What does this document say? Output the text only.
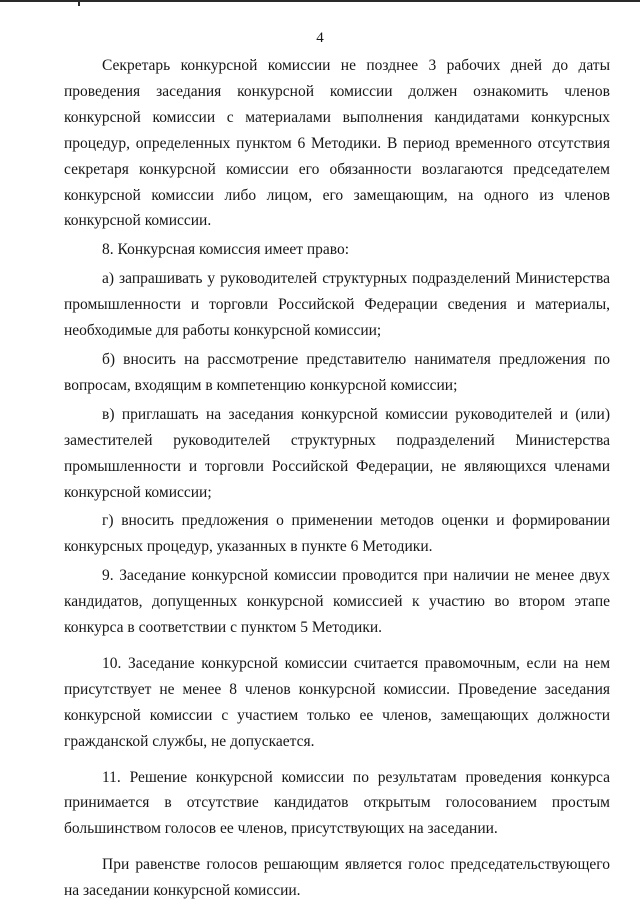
4

Секретарь конкурсной комиссии не позднее 3 рабочих дней до даты проведения заседания конкурсной комиссии должен ознакомить членов конкурсной комиссии с материалами выполнения кандидатами конкурсных процедур, определенных пунктом 6 Методики. В период временного отсутствия секретаря конкурсной комиссии его обязанности возлагаются председателем конкурсной комиссии либо лицом, его замещающим, на одного из членов конкурсной комиссии.

8. Конкурсная комиссия имеет право:

а) запрашивать у руководителей структурных подразделений Министерства промышленности и торговли Российской Федерации сведения и материалы, необходимые для работы конкурсной комиссии;

б) вносить на рассмотрение представителю нанимателя предложения по вопросам, входящим в компетенцию конкурсной комиссии;

в) приглашать на заседания конкурсной комиссии руководителей и (или) заместителей руководителей структурных подразделений Министерства промышленности и торговли Российской Федерации, не являющихся членами конкурсной комиссии;

г) вносить предложения о применении методов оценки и формировании конкурсных процедур, указанных в пункте 6 Методики.

9. Заседание конкурсной комиссии проводится при наличии не менее двух кандидатов, допущенных конкурсной комиссией к участию во втором этапе конкурса в соответствии с пунктом 5 Методики.

10. Заседание конкурсной комиссии считается правомочным, если на нем присутствует не менее 8 членов конкурсной комиссии. Проведение заседания конкурсной комиссии с участием только ее членов, замещающих должности гражданской службы, не допускается.

11. Решение конкурсной комиссии по результатам проведения конкурса принимается в отсутствие кандидатов открытым голосованием простым большинством голосов ее членов, присутствующих на заседании.

При равенстве голосов решающим является голос председательствующего на заседании конкурсной комиссии.
